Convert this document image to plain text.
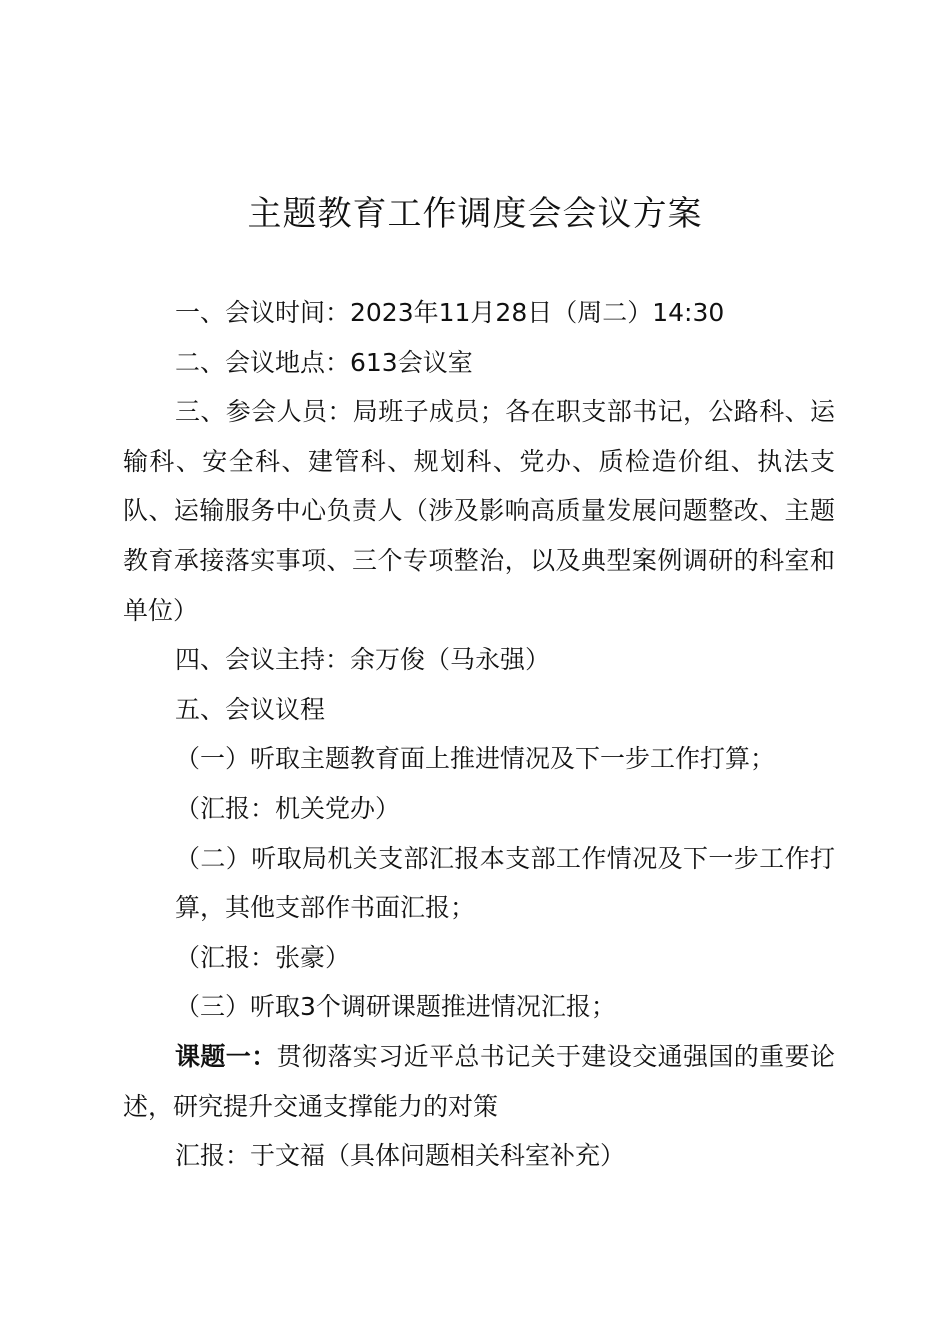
主题教育工作调度会会议方案

一、会议时间：2023年11月28日（周二）14:30

二、会议地点：613会议室

三、参会人员：局班子成员；各在职支部书记，公路科、运输科、安全科、建管科、规划科、党办、质检造价组、执法支队、运输服务中心负责人（涉及影响高质量发展问题整改、主题教育承接落实事项、三个专项整治，以及典型案例调研的科室和单位）

四、会议主持：余万俊（马永强）

五、会议议程

（一）听取主题教育面上推进情况及下一步工作打算；

（汇报：机关党办）

（二）听取局机关支部汇报本支部工作情况及下一步工作打算，其他支部作书面汇报；

（汇报：张豪）

（三）听取3个调研课题推进情况汇报；

课题一：贯彻落实习近平总书记关于建设交通强国的重要论述，研究提升交通支撑能力的对策

汇报：于文福（具体问题相关科室补充）
